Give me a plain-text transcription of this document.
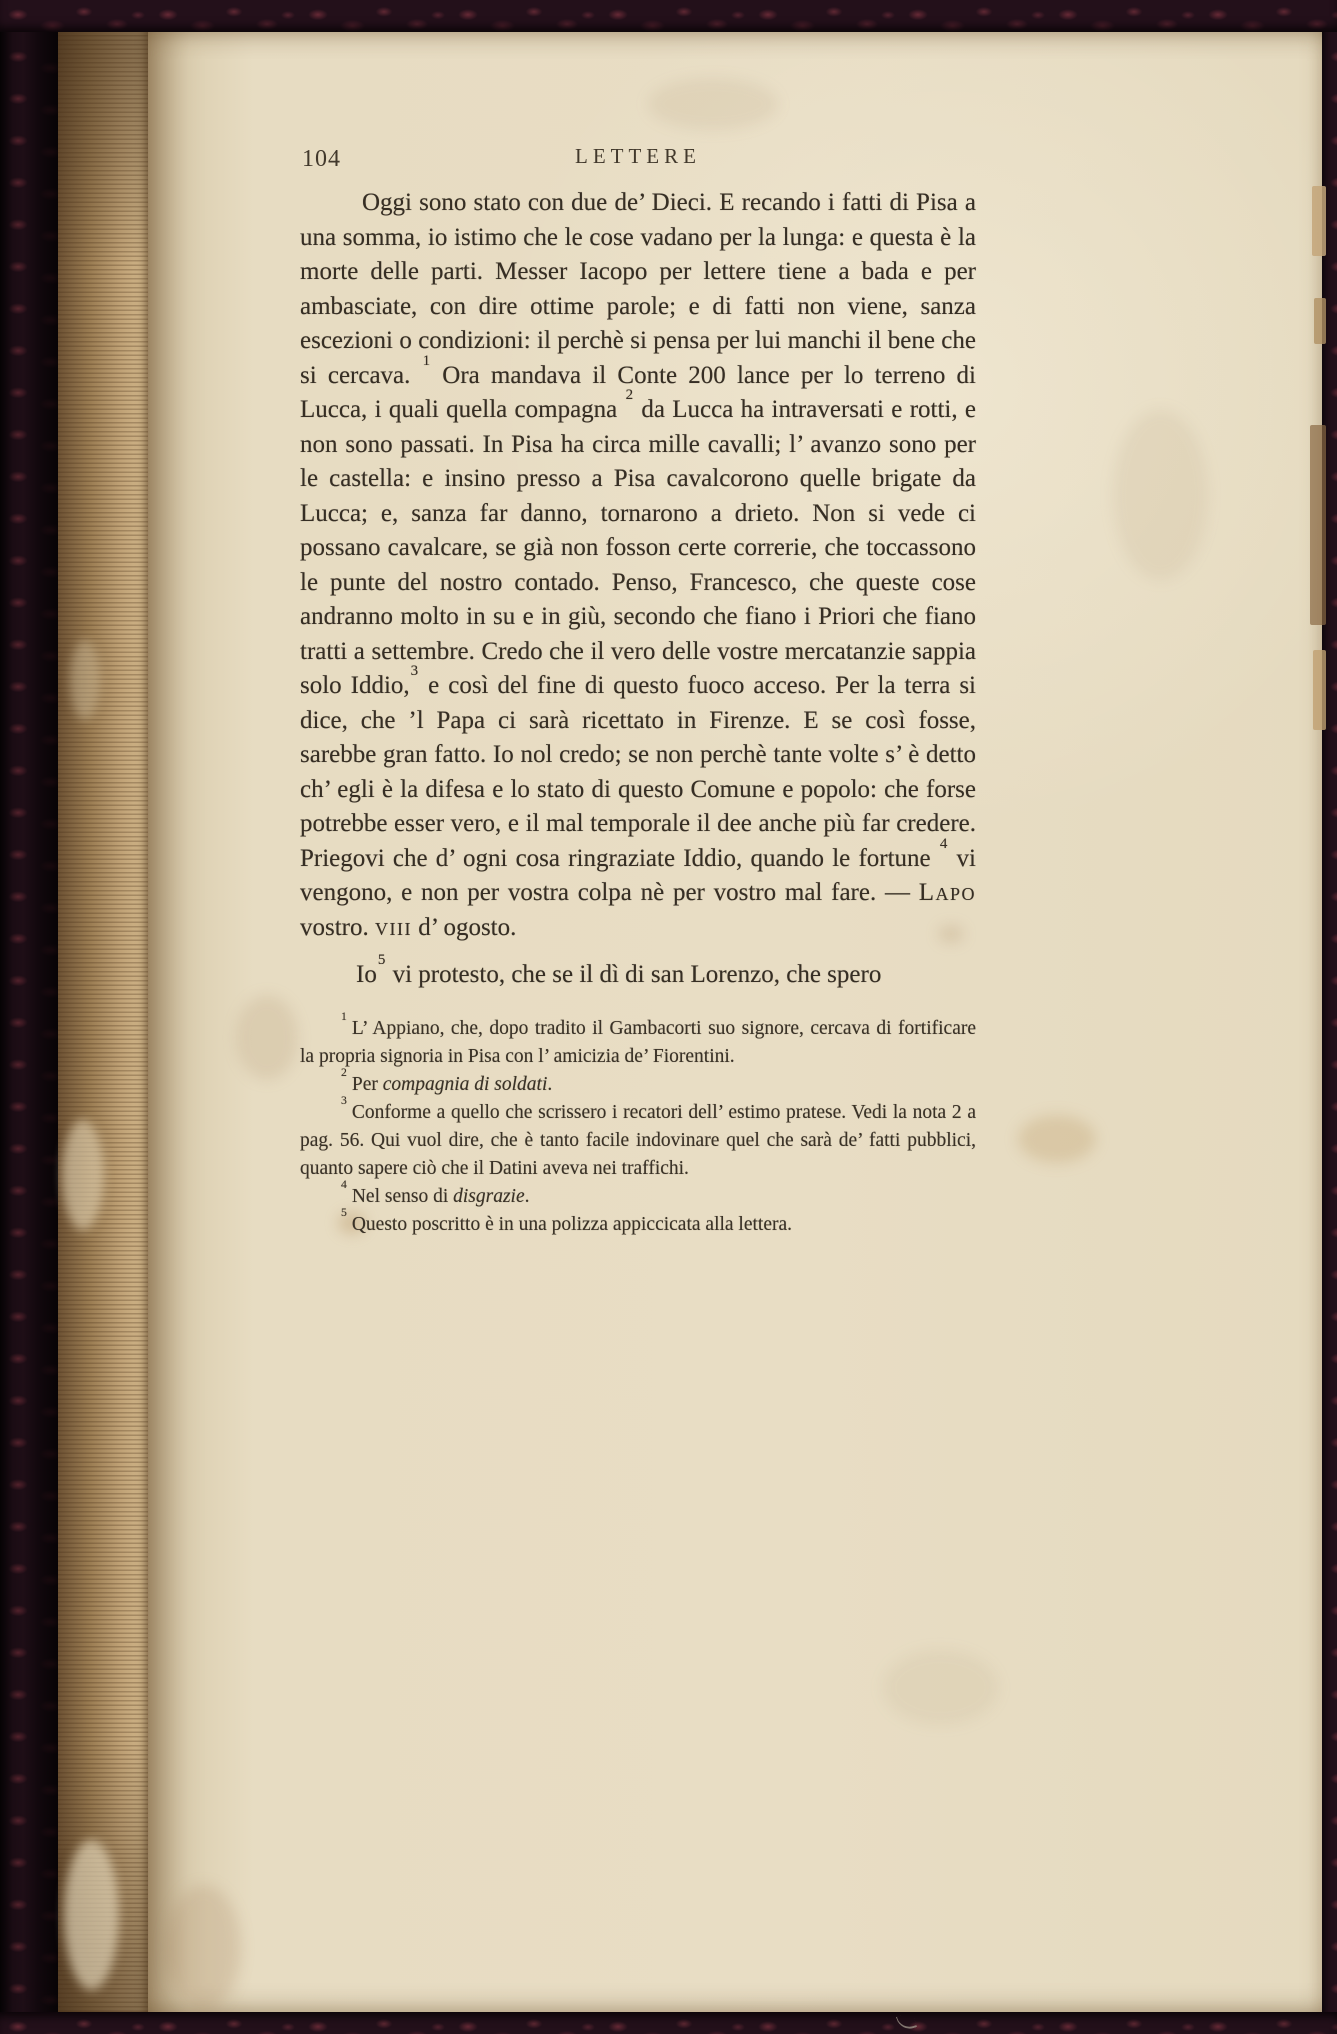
104	LETTERE

Oggi sono stato con due de’ Dieci. E recando i fatti di Pisa a una somma, io istimo che le cose vadano per la lunga: e questa è la morte delle parti. Messer Iacopo per lettere tiene a bada e per ambasciate, con dire ottime parole; e di fatti non viene, sanza escezioni o condizioni: il perchè si pensa per lui manchi il bene che si cercava. $^1$ Ora mandava il Conte 200 lance per lo terreno di Lucca, i quali quella compagna $^2$ da Lucca ha intraversati e rotti, e non sono passati. In Pisa ha circa mille cavalli; l’ avanzo sono per le castella: e insino presso a Pisa cavalcorono quelle brigate da Lucca; e, sanza far danno, tornarono a drieto. Non si vede ci possano cavalcare, se già non fosson certe correrie, che toccassono le punte del nostro contado. Penso, Francesco, che queste cose andranno molto in su e in giù, secondo che fiano i Priori che fiano tratti a settembre. Credo che il vero delle vostre mercatanzie sappia solo Iddio,$^3$ e così del fine di questo fuoco acceso. Per la terra si dice, che ’l Papa ci sarà ricettato in Firenze. E se così fosse, sarebbe gran fatto. Io nol credo; se non perchè tante volte s’ è detto ch’ egli è la difesa e lo stato di questo Comune e popolo: che forse potrebbe esser vero, e il mal temporale il dee anche più far credere. Priegovi che d’ ogni cosa ringraziate Iddio, quando le fortune $^4$ vi vengono, e non per vostra colpa nè per vostro mal fare. — Lapo vostro. viii d’ ogosto.

Io$^5$ vi protesto, che se il dì di san Lorenzo, che spero

$^1$L’ Appiano, che, dopo tradito il Gambacorti suo signore, cercava di fortificare la propria signoria in Pisa con l’ amicizia de’ Fiorentini.

$^2$Per compagnia di soldati.

$^3$Conforme a quello che scrissero i recatori dell’ estimo pratese. Vedi la nota 2 a pag. 56. Qui vuol dire, che è tanto facile indovinare quel che sarà de’ fatti pubblici, quanto sapere ciò che il Datini aveva nei traffichi.

$^4$Nel senso di disgrazie.

$^5$Questo poscritto è in una polizza appiccicata alla lettera.
